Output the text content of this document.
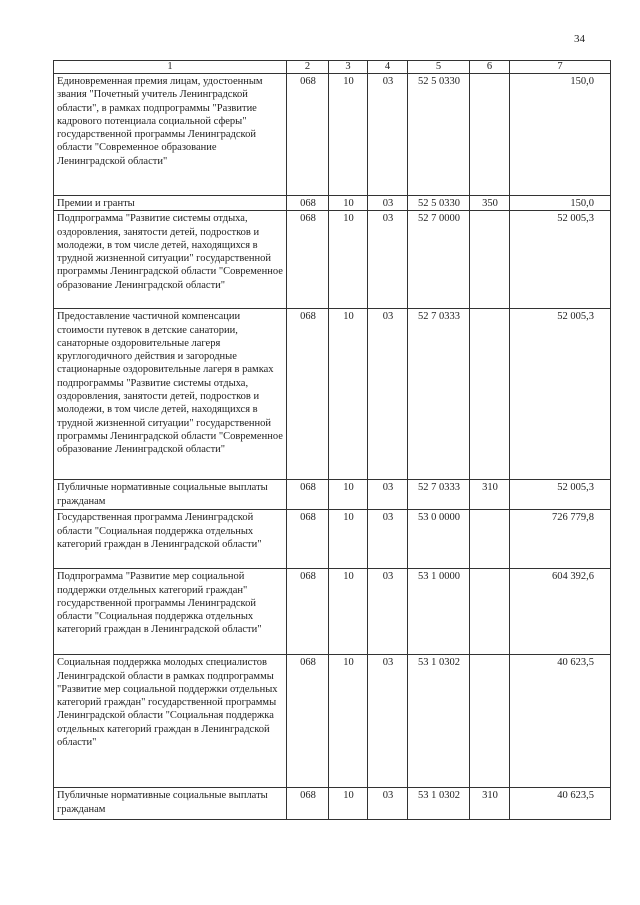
34
1	2	3	4	5	6	7
Единовременная премия лицам, удостоенным звания "Почетный учитель Ленинградской области", в рамках подпрограммы "Развитие кадрового потенциала социальной сферы" государственной программы Ленинградской области "Современное образование Ленинградской области"	068	10	03	52 5 0330		150,0
Премии и гранты	068	10	03	52 5 0330	350	150,0
Подпрограмма "Развитие системы отдыха, оздоровления, занятости детей, подростков и молодежи, в том числе детей, находящихся в трудной жизненной ситуации" государственной программы Ленинградской области "Современное образование Ленинградской области"	068	10	03	52 7 0000		52 005,3
Предоставление частичной компенсации стоимости путевок в детские санатории, санаторные оздоровительные лагеря круглогодичного действия и загородные стационарные оздоровительные лагеря в рамках подпрограммы "Развитие системы отдыха, оздоровления, занятости детей, подростков и молодежи, в том числе детей, находящихся в трудной жизненной ситуации" государственной программы Ленинградской области "Современное образование Ленинградской области"	068	10	03	52 7 0333		52 005,3
Публичные нормативные социальные выплаты гражданам	068	10	03	52 7 0333	310	52 005,3
Государственная программа Ленинградской области "Социальная поддержка отдельных категорий граждан в Ленинградской области"	068	10	03	53 0 0000		726 779,8
Подпрограмма "Развитие мер социальной поддержки отдельных категорий граждан" государственной программы Ленинградской области "Социальная поддержка отдельных категорий граждан в Ленинградской области"	068	10	03	53 1 0000		604 392,6
Социальная поддержка молодых специалистов Ленинградской области в рамках подпрограммы "Развитие мер социальной поддержки отдельных категорий граждан" государственной программы Ленинградской области "Социальная поддержка отдельных категорий граждан в Ленинградской области"	068	10	03	53 1 0302		40 623,5
Публичные нормативные социальные выплаты гражданам	068	10	03	53 1 0302	310	40 623,5
